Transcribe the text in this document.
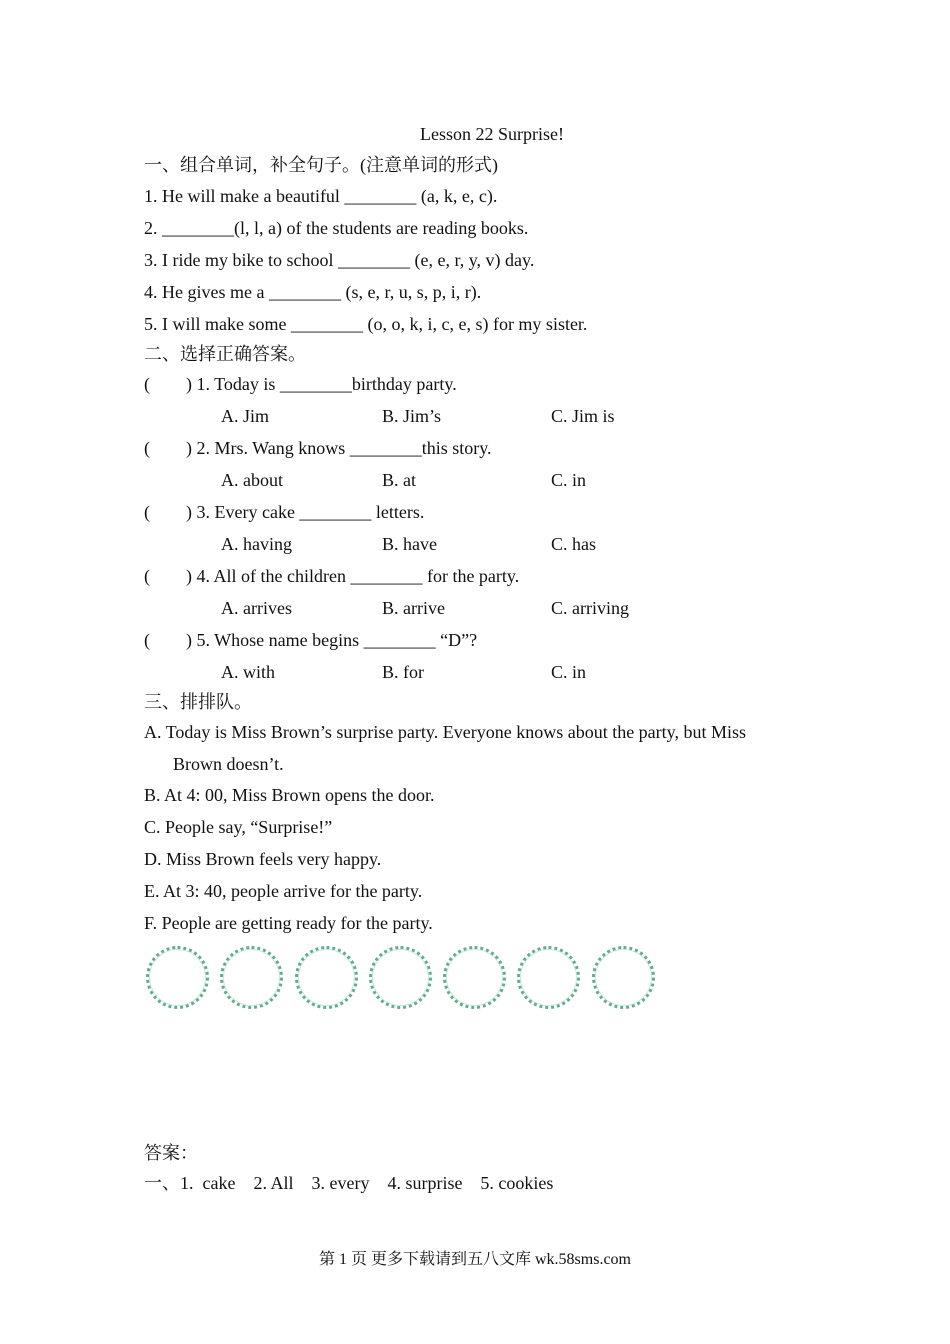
Lesson 22 Surprise!
一、组合单词，补全句子。(注意单词的形式)
1. He will make a beautiful ________ (a, k, e, c).
2. ________(l, l, a) of the students are reading books.
3. I ride my bike to school ________ (e, e, r, y, v) day.
4. He gives me a ________ (s, e, r, u, s, p, i, r).
5. I will make some ________ (o, o, k, i, c, e, s) for my sister.
二、选择正确答案。
(        ) 1. Today is ________birthday party.
A. Jim	B. Jim’s	C. Jim is
(        ) 2. Mrs. Wang knows ________this story.
A. about	B. at	C. in
(        ) 3. Every cake ________ letters.
A. having	B. have	C. has
(        ) 4. All of the children ________ for the party.
A. arrives	B. arrive	C. arriving
(        ) 5. Whose name begins ________ “D”?
A. with	B. for	C. in
三、排排队。
A. Today is Miss Brown’s surprise party. Everyone knows about the party, but Miss
Brown doesn’t.
B. At 4: 00, Miss Brown opens the door.
C. People say, “Surprise!”
D. Miss Brown feels very happy.
E. At 3: 40, people arrive for the party.
F. People are getting ready for the party.
答案：
一、1.  cake    2. All    3. every    4. surprise    5. cookies
第 1 页 更多下载请到五八文库 wk.58sms.com
